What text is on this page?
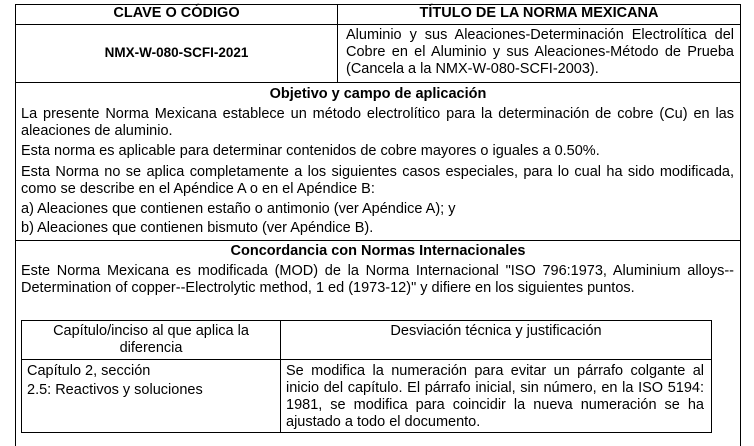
CLAVE O CÓDIGO	TÍTULO DE LA NORMA MEXICANA
NMX-W-080-SCFI-2021
Aluminio y sus Aleaciones-Determinación Electrolítica del
Cobre en el Aluminio y sus Aleaciones-Método de Prueba
(Cancela a la NMX-W-080-SCFI-2003).
Objetivo y campo de aplicación
La presente Norma Mexicana establece un método electrolítico para la determinación de cobre (Cu) en las
aleaciones de aluminio.
Esta norma es aplicable para determinar contenidos de cobre mayores o iguales a 0.50%.
Esta Norma no se aplica completamente a los siguientes casos especiales, para lo cual ha sido modificada,
como se describe en el Apéndice A o en el Apéndice B:
a) Aleaciones que contienen estaño o antimonio (ver Apéndice A); y
b) Aleaciones que contienen bismuto (ver Apéndice B).
Concordancia con Normas Internacionales
Este Norma Mexicana es modificada (MOD) de la Norma Internacional "ISO 796:1973, Aluminium alloys--
Determination of copper--Electrolytic method, 1 ed (1973-12)" y difiere en los siguientes puntos.
Capítulo/inciso al que aplica la
diferencia
Desviación técnica y justificación
Capítulo 2, sección
2.5: Reactivos y soluciones
Se modifica la numeración para evitar un párrafo colgante al
inicio del capítulo. El párrafo inicial, sin número, en la ISO 5194:
1981, se modifica para coincidir la nueva numeración se ha
ajustado a todo el documento.
